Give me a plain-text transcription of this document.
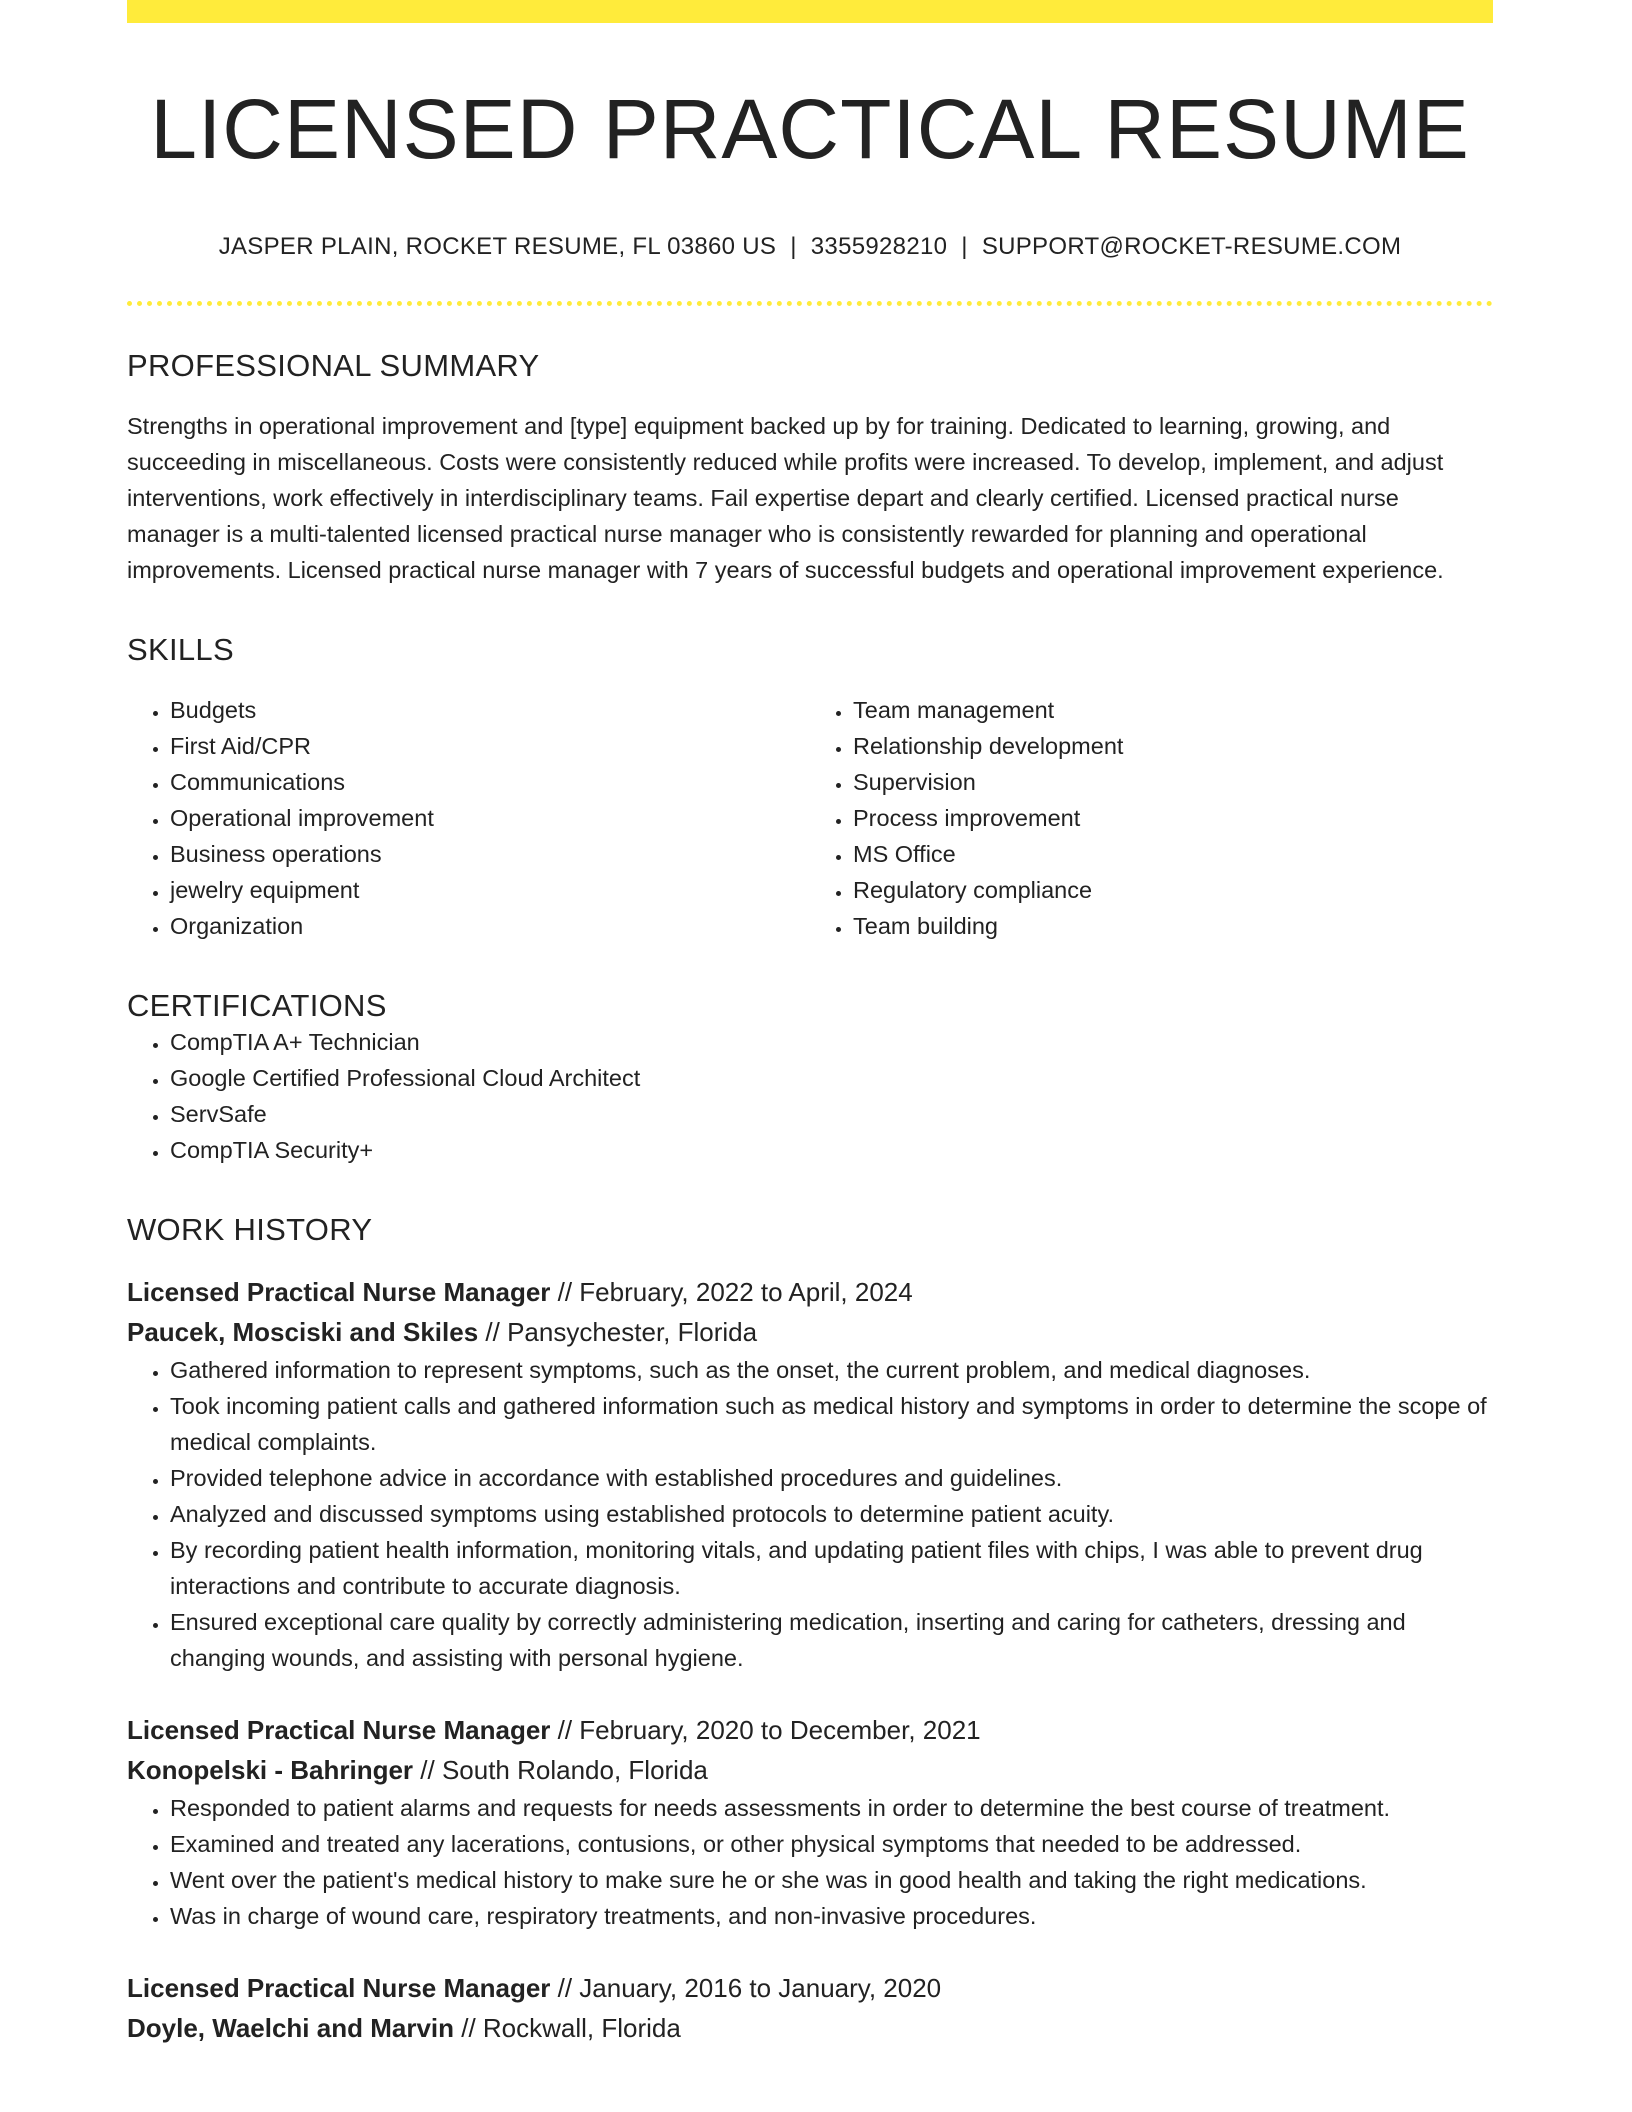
LICENSED PRACTICAL RESUME
JASPER PLAIN, ROCKET RESUME, FL 03860 US | 3355928210 | SUPPORT@ROCKET-RESUME.COM
PROFESSIONAL SUMMARY
Strengths in operational improvement and [type] equipment backed up by for training. Dedicated to learning, growing, and succeeding in miscellaneous. Costs were consistently reduced while profits were increased. To develop, implement, and adjust interventions, work effectively in interdisciplinary teams. Fail expertise depart and clearly certified. Licensed practical nurse manager is a multi-talented licensed practical nurse manager who is consistently rewarded for planning and operational improvements. Licensed practical nurse manager with 7 years of successful budgets and operational improvement experience.
SKILLS
• Budgets
• First Aid/CPR
• Communications
• Operational improvement
• Business operations
• jewelry equipment
• Organization
• Team management
• Relationship development
• Supervision
• Process improvement
• MS Office
• Regulatory compliance
• Team building
CERTIFICATIONS
• CompTIA A+ Technician
• Google Certified Professional Cloud Architect
• ServSafe
• CompTIA Security+
WORK HISTORY
Licensed Practical Nurse Manager // February, 2022 to April, 2024
Paucek, Mosciski and Skiles // Pansychester, Florida
• Gathered information to represent symptoms, such as the onset, the current problem, and medical diagnoses.
• Took incoming patient calls and gathered information such as medical history and symptoms in order to determine the scope of medical complaints.
• Provided telephone advice in accordance with established procedures and guidelines.
• Analyzed and discussed symptoms using established protocols to determine patient acuity.
• By recording patient health information, monitoring vitals, and updating patient files with chips, I was able to prevent drug interactions and contribute to accurate diagnosis.
• Ensured exceptional care quality by correctly administering medication, inserting and caring for catheters, dressing and changing wounds, and assisting with personal hygiene.
Licensed Practical Nurse Manager // February, 2020 to December, 2021
Konopelski - Bahringer // South Rolando, Florida
• Responded to patient alarms and requests for needs assessments in order to determine the best course of treatment.
• Examined and treated any lacerations, contusions, or other physical symptoms that needed to be addressed.
• Went over the patient's medical history to make sure he or she was in good health and taking the right medications.
• Was in charge of wound care, respiratory treatments, and non-invasive procedures.
Licensed Practical Nurse Manager // January, 2016 to January, 2020
Doyle, Waelchi and Marvin // Rockwall, Florida
